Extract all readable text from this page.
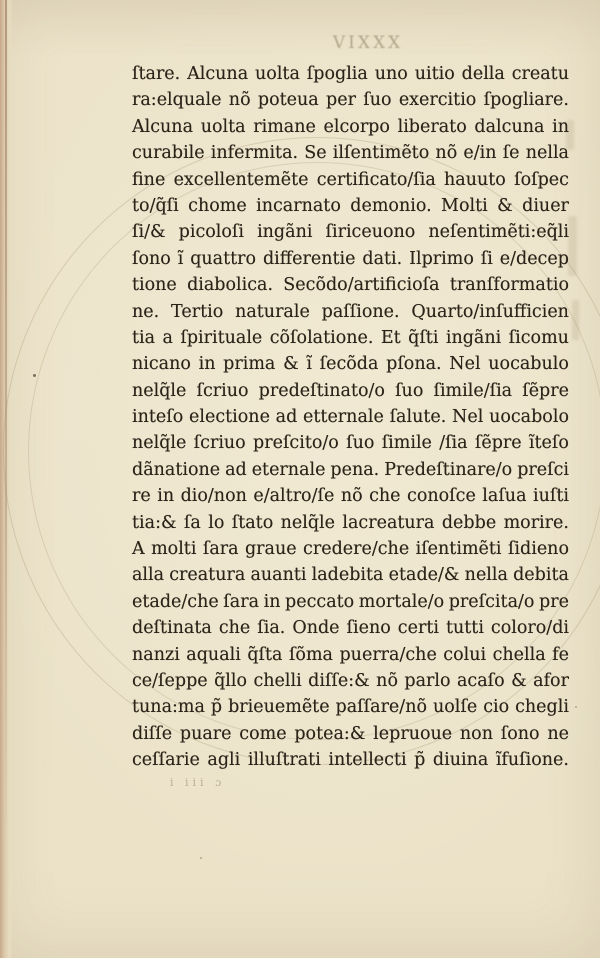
VIXXX
ſtare. Alcuna uolta ſpoglia uno uitio della creatu
ra:elquale nõ poteua per ſuo exercitio ſpogliare.
Alcuna uolta rimane elcorpo liberato dalcuna in
curabile infermita. Se ilſentimẽto nõ e/in ſe nella
fine excellentemẽte certificato/ſia hauuto ſoſpec
to/q̃ſi chome incarnato demonio. Molti & diuer
ſi/& picoloſi ingãni ſiriceuono neſentimẽti:eq̃li
ſono ĩ quattro differentie dati. Ilprimo ſi e/decep
tione diabolica. Secõdo/artificioſa tranſformatio
ne. Tertio naturale paſſione. Quarto/inſufficien
tia a ſpirituale cõſolatione. Et q̃ſti ingãni ſicomu
nicano in prima & ĩ ſecõda pſona. Nel uocabulo
nelq̃le ſcriuo predeſtinato/o ſuo ſimile/ſia ſẽpre
inteſo electione ad etternale ſalute. Nel uocabolo
nelq̃le ſcriuo preſcito/o ſuo ſimile /ſia ſẽpre ĩteſo
dãnatione ad eternale pena. Predeſtinare/o preſci
re in dio/non e/altro/ſe nõ che conoſce laſua iuſti
tia:& ſa lo ſtato nelq̃le lacreatura debbe morire.
A molti ſara graue credere/che iſentimẽti ſidieno
alla creatura auanti ladebita etade/& nella debita
etade/che ſara in peccato mortale/o preſcita/o pre
deſtinata che ſia. Onde ſieno certi tutti coloro/di
nanzi aquali q̃ſta ſõma puerra/che colui chella fe
ce/ſeppe q̃llo chelli diſſe:& nõ parlo acaſo & afor
tuna:ma p̃ brieuemẽte paſſare/nõ uolſe cio chegli
diſſe puare come potea:& lepruoue non ſono ne
ceſſarie agli illuſtrati intellecti p̃ diuina ĩfuſione.
i iii ɔ
